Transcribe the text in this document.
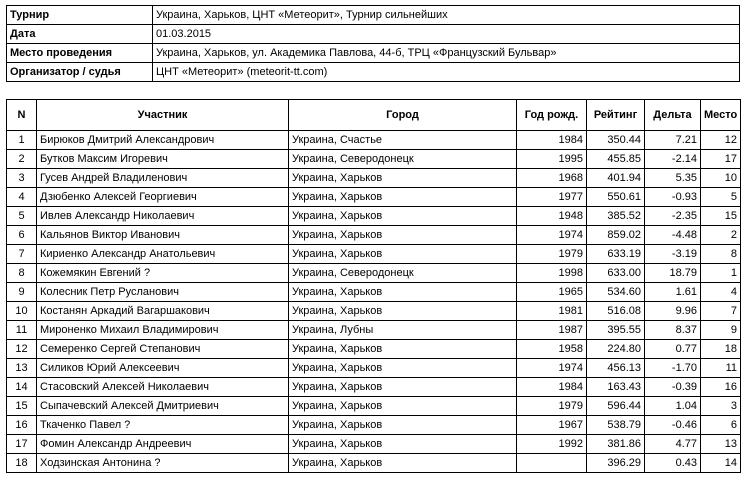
Турнир	Украина, Харьков, ЦНТ «Метеорит», Турнир сильнейших
Дата	01.03.2015
Место проведения	Украина, Харьков, ул. Академика Павлова, 44-б, ТРЦ «Французский Бульвар»
Организатор / судья	ЦНТ «Метеорит» (meteorit-tt.com)
N	Участник	Город	Год рожд.	Рейтинг	Дельта	Место
1	Бирюков Дмитрий Александрович	Украина, Счастье	1984	350.44	7.21	12
2	Бутков Максим Игоревич	Украина, Северодонецк	1995	455.85	-2.14	17
3	Гусев Андрей Владиленович	Украина, Харьков	1968	401.94	5.35	10
4	Дзюбенко Алексей Георгиевич	Украина, Харьков	1977	550.61	-0.93	5
5	Ивлев Александр Николаевич	Украина, Харьков	1948	385.52	-2.35	15
6	Кальянов Виктор Иванович	Украина, Харьков	1974	859.02	-4.48	2
7	Кириенко Александр Анатольевич	Украина, Харьков	1979	633.19	-3.19	8
8	Кожемякин Евгений ?	Украина, Северодонецк	1998	633.00	18.79	1
9	Колесник Петр Русланович	Украина, Харьков	1965	534.60	1.61	4
10	Костанян Аркадий Вагаршакович	Украина, Харьков	1981	516.08	9.96	7
11	Мироненко Михаил Владимирович	Украина, Лубны	1987	395.55	8.37	9
12	Семеренко Сергей Степанович	Украина, Харьков	1958	224.80	0.77	18
13	Силиков Юрий Алексеевич	Украина, Харьков	1974	456.13	-1.70	11
14	Стасовский Алексей Николаевич	Украина, Харьков	1984	163.43	-0.39	16
15	Сыпачевский Алексей Дмитриевич	Украина, Харьков	1979	596.44	1.04	3
16	Ткаченко Павел ?	Украина, Харьков	1967	538.79	-0.46	6
17	Фомин Александр Андреевич	Украина, Харьков	1992	381.86	4.77	13
18	Ходзинская Антонина ?	Украина, Харьков		396.29	0.43	14
